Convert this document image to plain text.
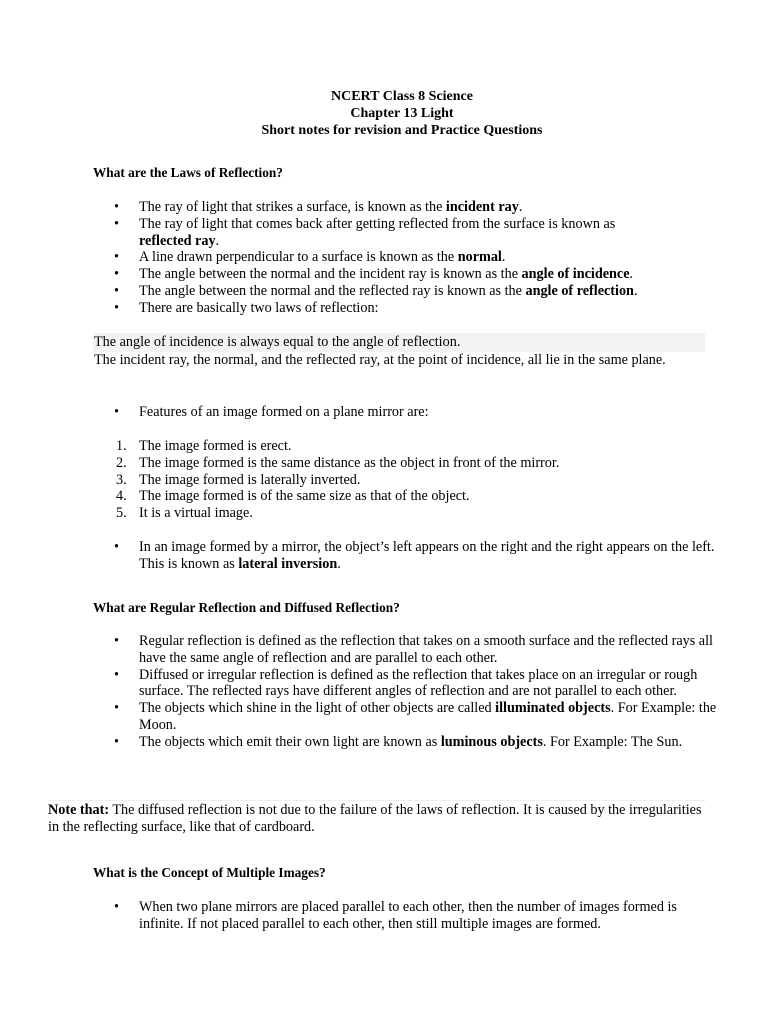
NCERT Class 8 Science
Chapter 13 Light
Short notes for revision and Practice Questions
What are the Laws of Reflection?
• The ray of light that strikes a surface, is known as the incident ray.
• The ray of light that comes back after getting reflected from the surface is known as reflected ray.
• A line drawn perpendicular to a surface is known as the normal.
• The angle between the normal and the incident ray is known as the angle of incidence.
• The angle between the normal and the reflected ray is known as the angle of reflection.
• There are basically two laws of reflection:
The angle of incidence is always equal to the angle of reflection.
The incident ray, the normal, and the reflected ray, at the point of incidence, all lie in the same plane.
• Features of an image formed on a plane mirror are:
1. The image formed is erect.
2. The image formed is the same distance as the object in front of the mirror.
3. The image formed is laterally inverted.
4. The image formed is of the same size as that of the object.
5. It is a virtual image.
• In an image formed by a mirror, the object’s left appears on the right and the right appears on the left. This is known as lateral inversion.
What are Regular Reflection and Diffused Reflection?
• Regular reflection is defined as the reflection that takes on a smooth surface and the reflected rays all have the same angle of reflection and are parallel to each other.
• Diffused or irregular reflection is defined as the reflection that takes place on an irregular or rough surface. The reflected rays have different angles of reflection and are not parallel to each other.
• The objects which shine in the light of other objects are called illuminated objects. For Example: the Moon.
• The objects which emit their own light are known as luminous objects. For Example: The Sun.
Note that: The diffused reflection is not due to the failure of the laws of reflection. It is caused by the irregularities in the reflecting surface, like that of cardboard.
What is the Concept of Multiple Images?
• When two plane mirrors are placed parallel to each other, then the number of images formed is infinite. If not placed parallel to each other, then still multiple images are formed.
